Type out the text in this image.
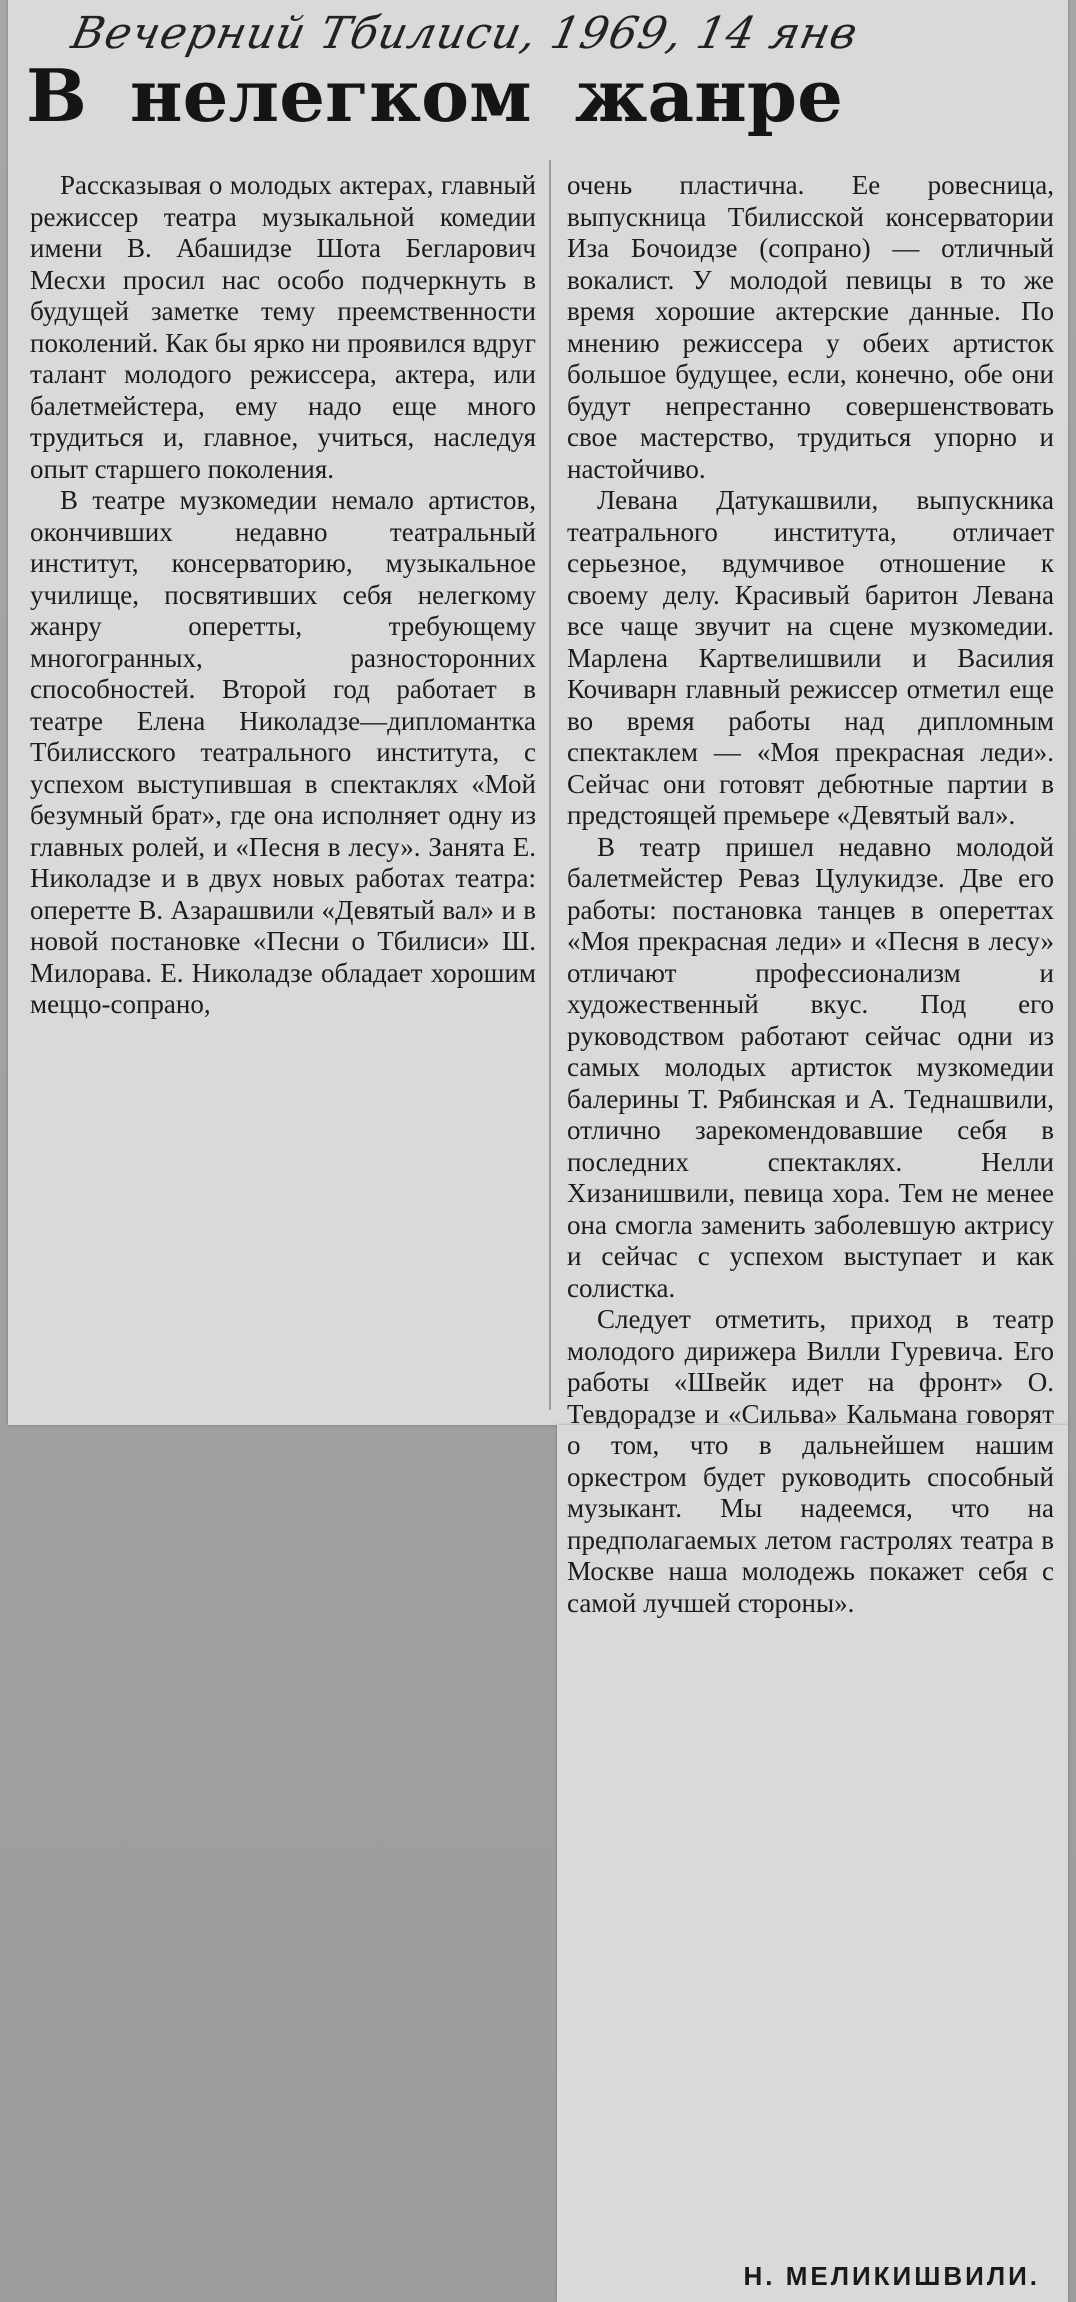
Вечерний Тбилиси, 1969, 14 янв
В нелегком жанре

Рассказывая о молодых актерах, главный режиссер театра музыкальной комедии имени В. Абашидзе Шота Бегларович Месхи просил нас особо подчеркнуть в будущей заметке тему преемственности поколений. Как бы ярко ни проявился вдруг талант молодого режиссера, актера, или балетмейстера, ему надо еще много трудиться и, главное, учиться, наследуя опыт старшего поколения.

В театре музкомедии немало артистов, окончивших недавно театральный институт, консерваторию, музыкальное училище, посвятивших себя нелегкому жанру оперетты, требующему многогранных, разносторонних способностей. Второй год работает в театре Елена Николадзе—дипломантка Тбилисского театрального института, с успехом выступившая в спектаклях «Мой безумный брат», где она исполняет одну из главных ролей, и «Песня в лесу». Занята Е. Николадзе и в двух новых работах театра: оперетте В. Азарашвили «Девятый вал» и в новой постановке «Песни о Тбилиси» Ш. Милорава. Е. Николадзе обладает хорошим меццо-сопрано,

очень пластична. Ее ровесница, выпускница Тбилисской консерватории Иза Бочоидзе (сопрано) — отличный вокалист. У молодой певицы в то же время хорошие актерские данные. По мнению режиссера у обеих артисток большое будущее, если, конечно, обе они будут непрестанно совершенствовать свое мастерство, трудиться упорно и настойчиво.

Левана Датукашвили, выпускника театрального института, отличает серьезное, вдумчивое отношение к своему делу. Красивый баритон Левана все чаще звучит на сцене музкомедии. Марлена Картвелишвили и Василия Кочиварн главный режиссер отметил еще во время работы над дипломным спектаклем — «Моя прекрасная леди». Сейчас они готовят дебютные партии в предстоящей премьере «Девятый вал».

В театр пришел недавно молодой балетмейстер Реваз Цулукидзе. Две его работы: постановка танцев в опереттах «Моя прекрасная леди» и «Песня в лесу» отличают профессионализм и художественный вкус. Под его руководством работают сейчас одни из самых молодых артисток музкомедии балерины Т. Рябинская и А. Теднашвили, отлично зарекомендовавшие себя в последних спектаклях. Нелли Хизанишвили, певица хора. Тем не менее она смогла заменить заболевшую актрису и сейчас с успехом выступает и как солистка.

Следует отметить, приход в театр молодого дирижера Вилли Гуревича. Его работы «Швейк идет на фронт» О. Тевдорадзе и «Сильва» Кальмана говорят о том, что в дальнейшем нашим оркестром будет руководить способный музыкант. Мы надеемся, что на предполагаемых летом гастролях театра в Москве наша молодежь покажет себя с самой лучшей стороны».

Н. МЕЛИКИШВИЛИ.
